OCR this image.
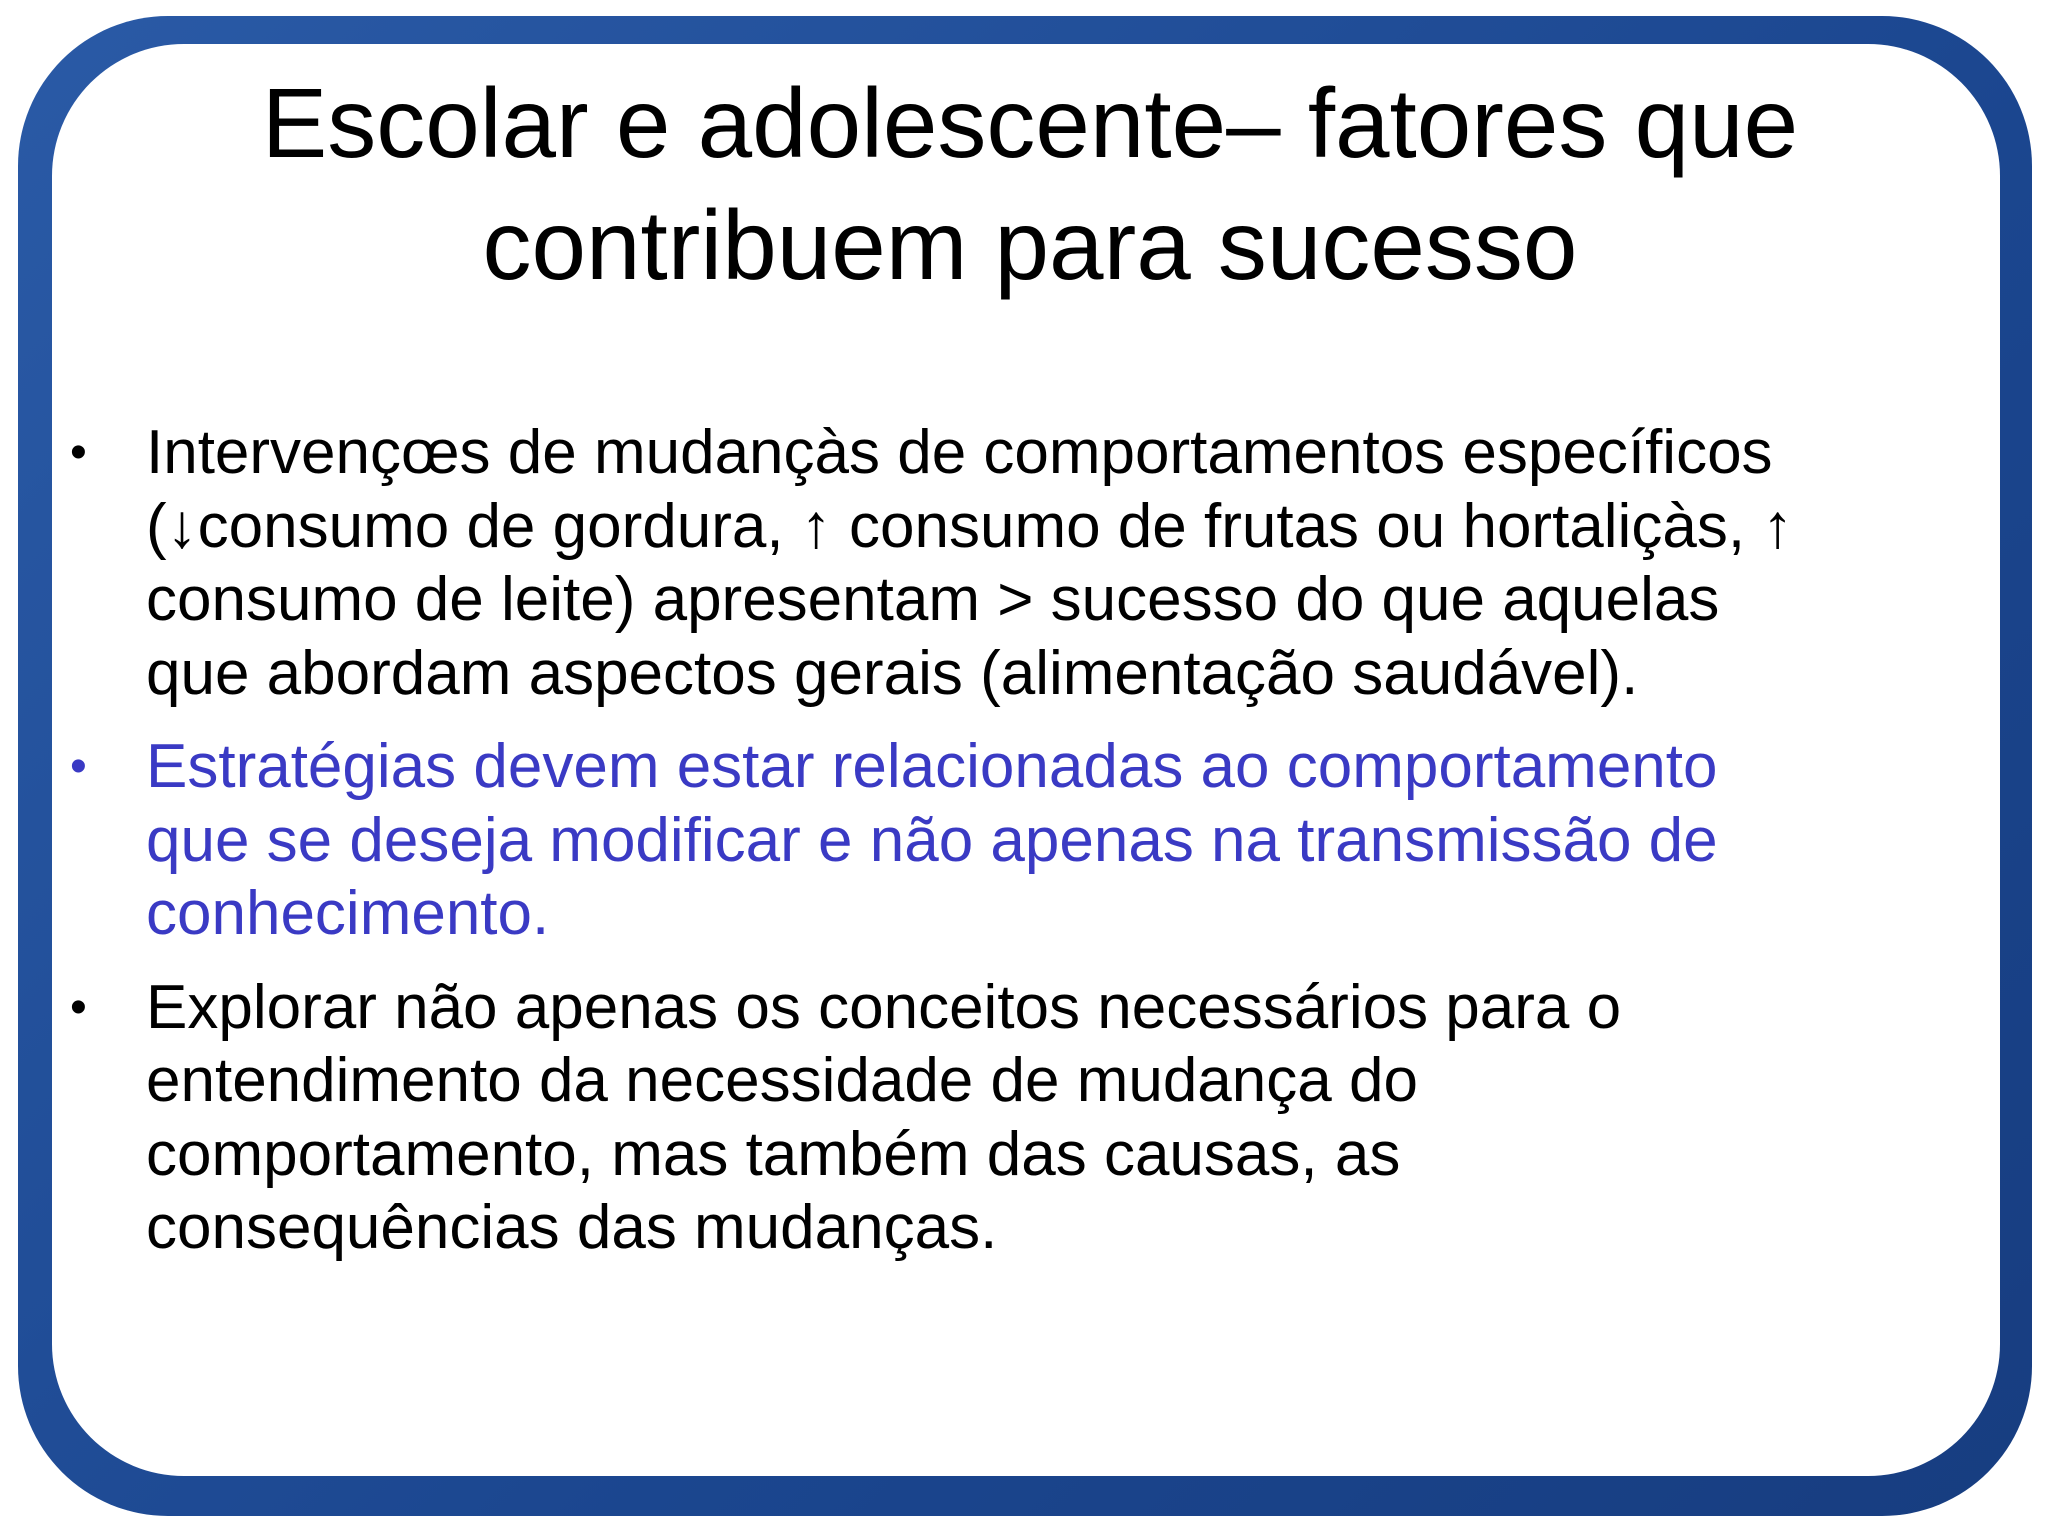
Escolar e adolescente– fatores que
contribuem para sucesso
• Intervençœs de mudançàs de comportamentos específicos
(↓consumo de gordura, ↑ consumo de frutas ou hortaliçàs, ↑
consumo de leite) apresentam > sucesso do que aquelas
que abordam aspectos gerais (alimentação saudável).
• Estratégias devem estar relacionadas ao comportamento
que se deseja modificar e não apenas na transmissão de
conhecimento.
• Explorar não apenas os conceitos necessários para o
entendimento da necessidade de mudança do
comportamento, mas também das causas, as
consequências das mudanças.
